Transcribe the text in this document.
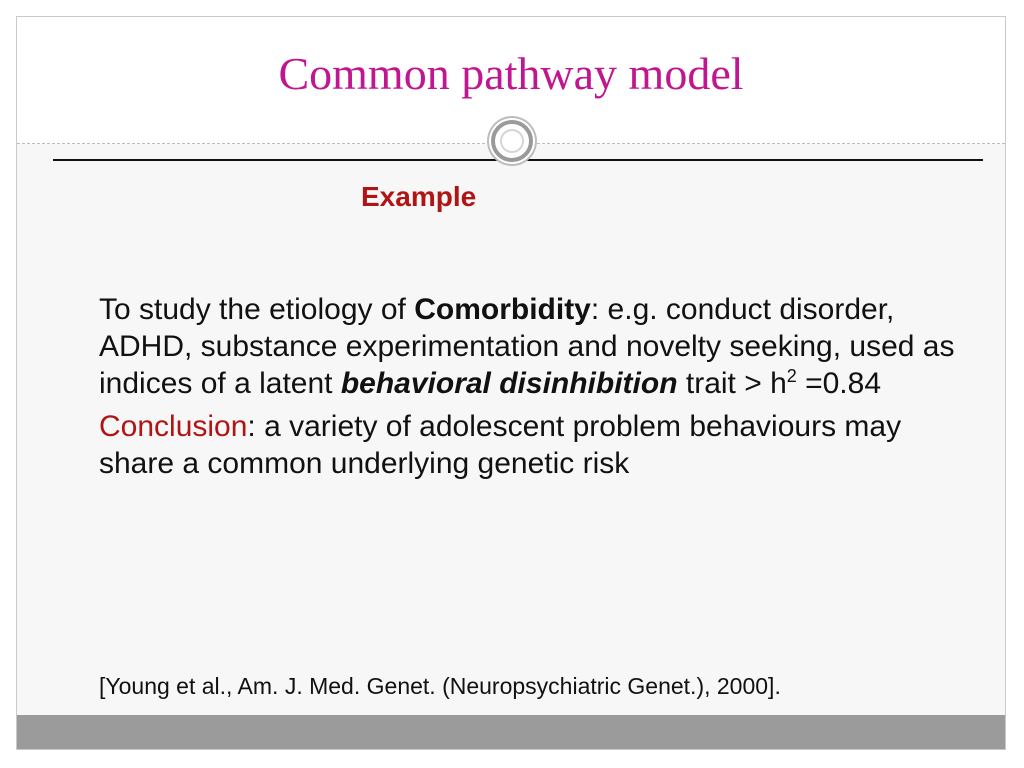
Common pathway model
Example

To study the etiology of Comorbidity: e.g. conduct disorder, ADHD, substance experimentation and novelty seeking, used as indices of a latent behavioral disinhibition trait > $h^2 =0.84$

Conclusion: a variety of adolescent problem behaviours may share a common underlying genetic risk

[Young et al., Am. J. Med. Genet. (Neuropsychiatric Genet.), 2000].
